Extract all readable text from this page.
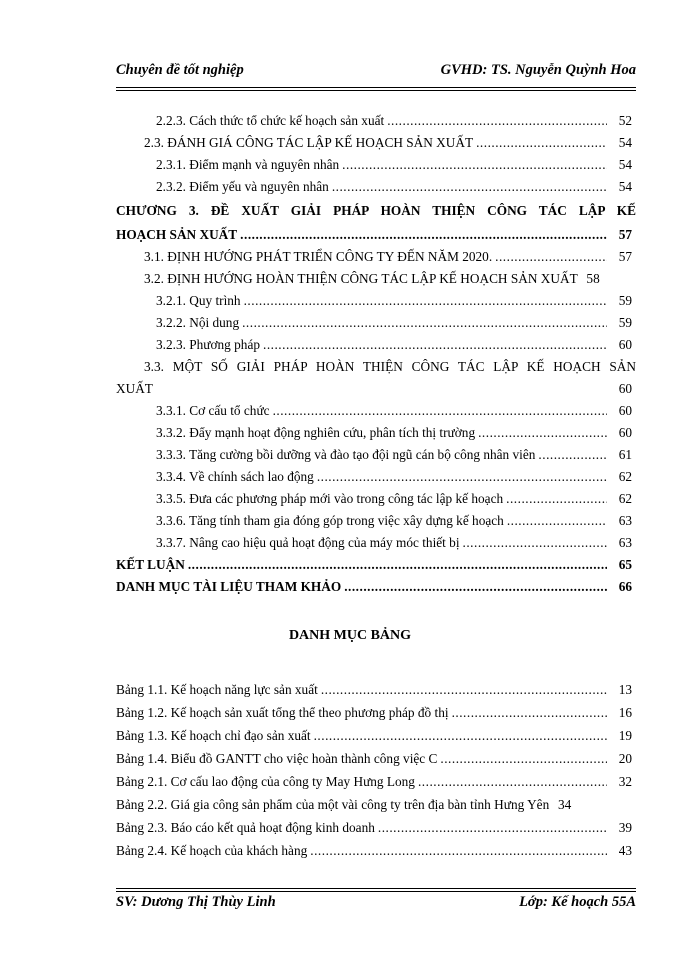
Chuyên đề tốt nghiệp	GVHD: TS. Nguyễn Quỳnh Hoa
2.2.3. Cách thức tổ chức kế hoạch sản xuất .....	52
2.3. ĐÁNH GIÁ CÔNG TÁC LẬP KẾ HOẠCH SẢN XUẤT .....	54
2.3.1. Điểm mạnh và nguyên nhân .....	54
2.3.2. Điểm yếu và nguyên nhân .....	54
CHƯƠNG 3. ĐỀ XUẤT GIẢI PHÁP HOÀN THIỆN CÔNG TÁC LẬP KẾ
HOẠCH SẢN XUẤT .....	57
3.1. ĐỊNH HƯỚNG PHÁT TRIỂN CÔNG TY ĐẾN NĂM 2020. .....	57
3.2. ĐỊNH HƯỚNG HOÀN THIỆN CÔNG TÁC LẬP KẾ HOẠCH SẢN XUẤT 58
3.2.1. Quy trình .....	59
3.2.2. Nội dung .....	59
3.2.3. Phương pháp .....	60
3.3. MỘT SỐ GIẢI PHÁP HOÀN THIỆN CÔNG TÁC LẬP KẾ HOẠCH SẢN
XUẤT	60
3.3.1. Cơ cấu tổ chức .....	60
3.3.2. Đẩy mạnh hoạt động nghiên cứu, phân tích thị trường .....	60
3.3.3. Tăng cường bồi dưỡng và đào tạo đội ngũ cán bộ công nhân viên .....	61
3.3.4. Về chính sách lao động .....	62
3.3.5. Đưa các phương pháp mới vào trong công tác lập kế hoạch .....	62
3.3.6. Tăng tính tham gia đóng góp trong việc xây dựng kế hoạch .....	63
3.3.7. Nâng cao hiệu quả hoạt động của máy móc thiết bị .....	63
KẾT LUẬN .....	65
DANH MỤC TÀI LIỆU THAM KHẢO .....	66
DANH MỤC BẢNG
Bảng 1.1. Kế hoạch năng lực sản xuất .....	13
Bảng 1.2. Kế hoạch sản xuất tổng thể theo phương pháp đồ thị .....	16
Bảng 1.3. Kế hoạch chỉ đạo sản xuất .....	19
Bảng 1.4. Biểu đồ GANTT cho việc hoàn thành công việc C .....	20
Bảng 2.1. Cơ cấu lao động của công ty May Hưng Long .....	32
Bảng 2.2. Giá gia công sản phẩm của một vài công ty trên địa bàn tỉnh Hưng Yên 34
Bảng 2.3. Báo cáo kết quả hoạt động kinh doanh .....	39
Bảng 2.4. Kế hoạch của khách hàng .....	43
SV: Dương Thị Thùy Linh	Lớp: Kế hoạch 55A
